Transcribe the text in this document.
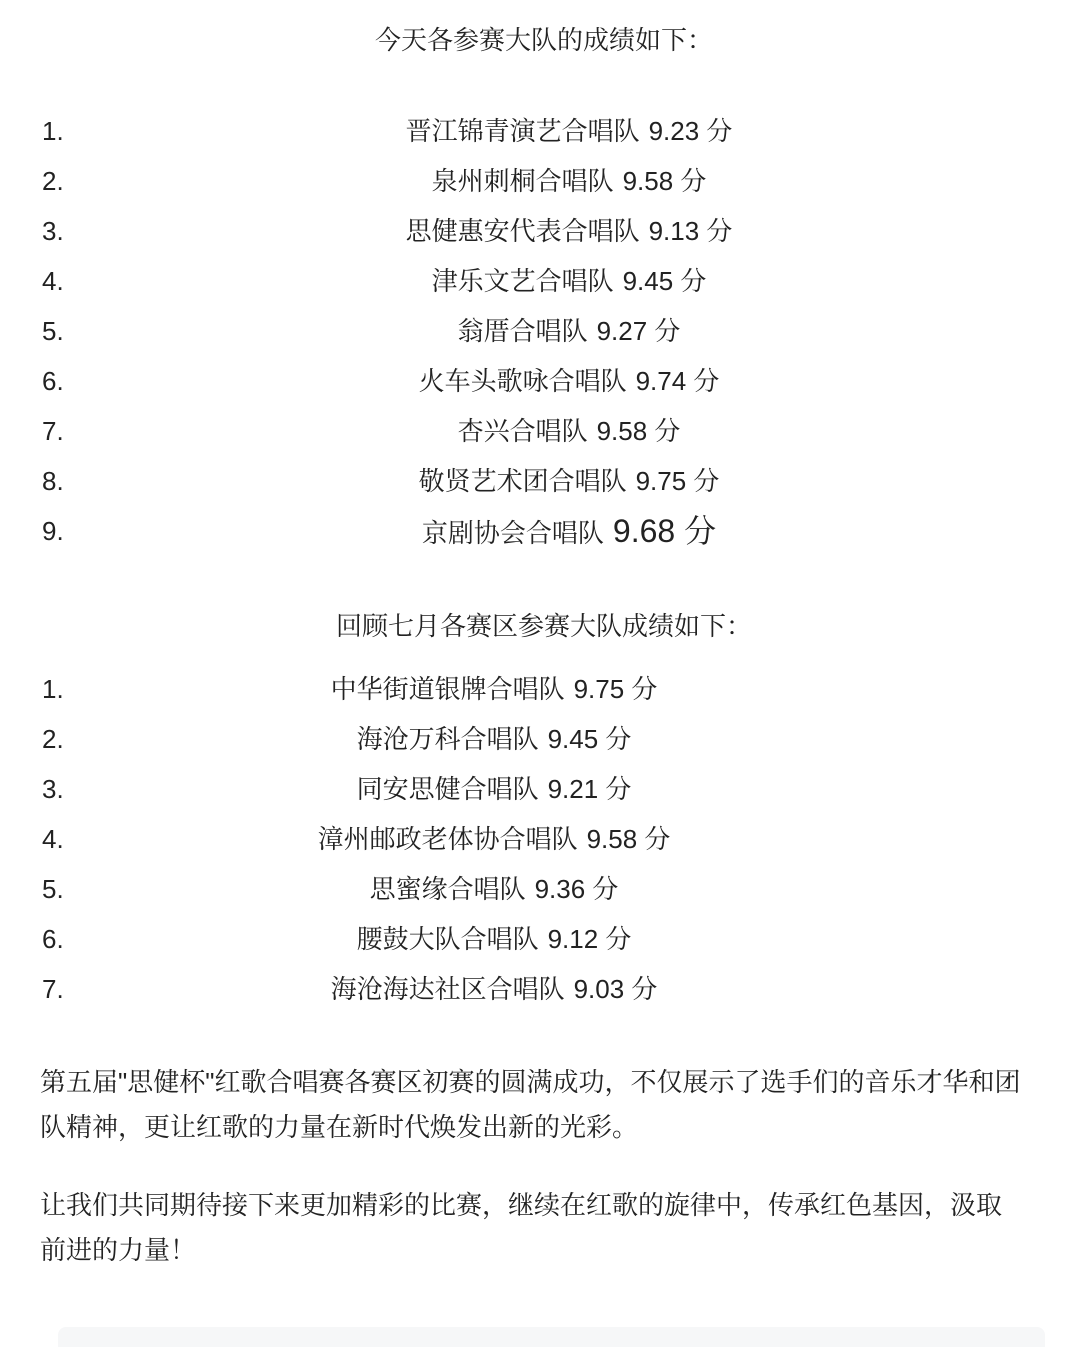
今天各参赛大队的成绩如下：
1.	晋江锦青演艺合唱队 9.23 分
2.	泉州刺桐合唱队 9.58 分
3.	思健惠安代表合唱队 9.13 分
4.	津乐文艺合唱队 9.45 分
5.	翁厝合唱队 9.27 分
6.	火车头歌咏合唱队 9.74 分
7.	杏兴合唱队 9.58 分
8.	敬贤艺术团合唱队 9.75 分
9.	京剧协会合唱队 9.68 分
回顾七月各赛区参赛大队成绩如下：
1.	中华街道银牌合唱队 9.75 分
2.	海沧万科合唱队 9.45 分
3.	同安思健合唱队 9.21 分
4.	漳州邮政老体协合唱队 9.58 分
5.	思蜜缘合唱队 9.36 分
6.	腰鼓大队合唱队 9.12 分
7.	海沧海达社区合唱队 9.03 分

第五届"思健杯"红歌合唱赛各赛区初赛的圆满成功，不仅展示了选手们的音乐才华和团队精神，更让红歌的力量在新时代焕发出新的光彩。

让我们共同期待接下来更加精彩的比赛，继续在红歌的旋律中，传承红色基因，汲取前进的力量！
